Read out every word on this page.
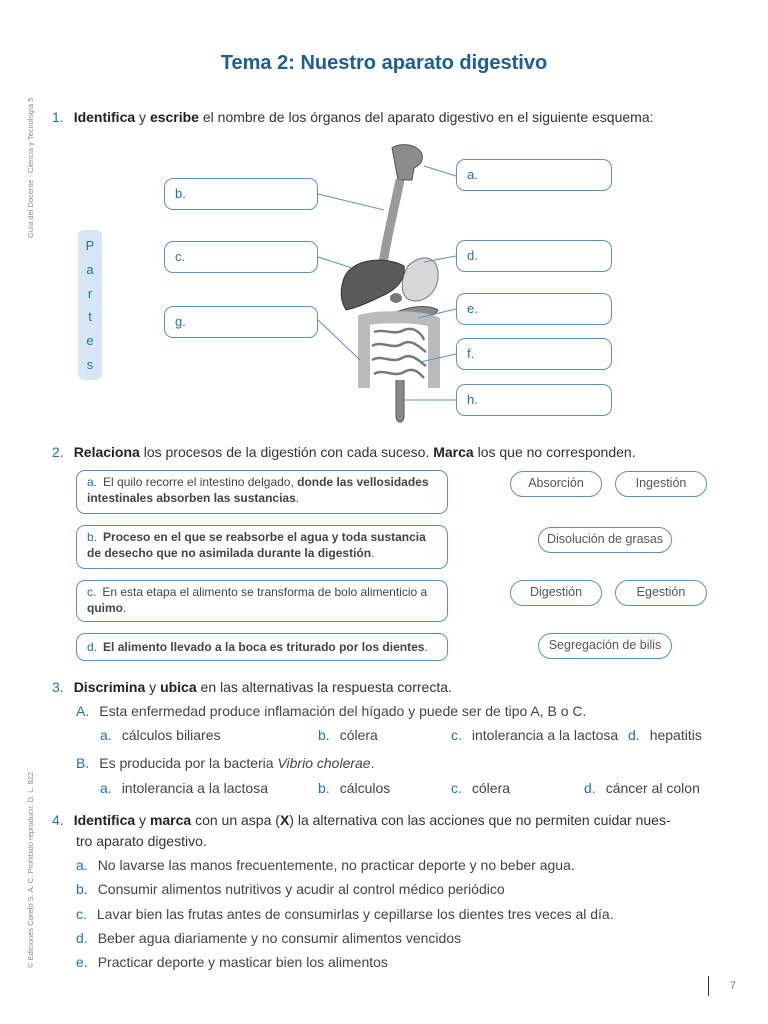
Guía del Docente - Ciencia y Tecnología 5
© Ediciones Corefo S. A. C. Prohibido reproducir. D. L. 822
Tema 2: Nuestro aparato digestivo
1. Identifica y escribe el nombre de los órganos del aparato digestivo en el siguiente esquema:
P
a
r
t
e
s
a.
b.
c.	d.
e.
f.
g.
h.
2. Relaciona los procesos de la digestión con cada suceso. Marca los que no corresponden.
a. El quilo recorre el intestino delgado, donde las vellosidades intestinales absorben las sustancias.
b. Proceso en el que se reabsorbe el agua y toda sustancia de desecho que no asimilada durante la digestión.
c. En esta etapa el alimento se transforma de bolo alimenticio a quimo.
d. El alimento llevado a la boca es triturado por los dientes.
Absorción	Ingestión
Disolución de grasas
Digestión	Egestión
Segregación de bilis
3. Discrimina y ubica en las alternativas la respuesta correcta.
A. Esta enfermedad produce inflamación del hígado y puede ser de tipo A, B o C.
a. cálculos biliares	b. cólera	c. intolerancia a la lactosa d. hepatitis
B. Es producida por la bacteria Vibrio cholerae.
a. intolerancia a la lactosa	b. cálculos	c. cólera	d. cáncer al colon
4. Identifica y marca con un aspa (X) la alternativa con las acciones que no permiten cuidar nues-
tro aparato digestivo.
a. No lavarse las manos frecuentemente, no practicar deporte y no beber agua.
b. Consumir alimentos nutritivos y acudir al control médico periódico
c. Lavar bien las frutas antes de consumirlas y cepillarse los dientes tres veces al día.
d. Beber agua diariamente y no consumir alimentos vencidos
e. Practicar deporte y masticar bien los alimentos
7
